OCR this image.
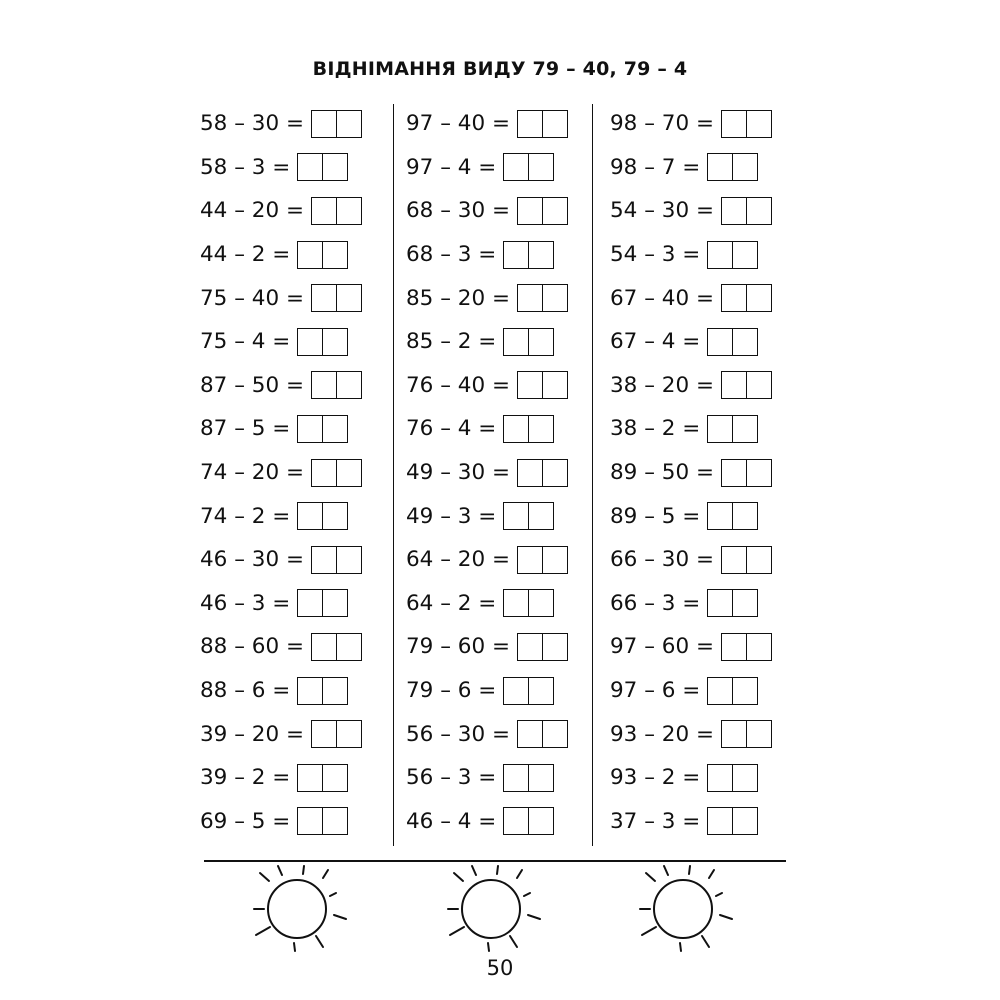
ВІДНІМАННЯ ВИДУ 79 – 40, 79 – 4
58 – 30 =
58 – 3 =
44 – 20 =
44 – 2 =
75 – 40 =
75 – 4 =
87 – 50 =
87 – 5 =
74 – 20 =
74 – 2 =
46 – 30 =
46 – 3 =
88 – 60 =
88 – 6 =
39 – 20 =
39 – 2 =
69 – 5 =
97 – 40 =
97 – 4 =
68 – 30 =
68 – 3 =
85 – 20 =
85 – 2 =
76 – 40 =
76 – 4 =
49 – 30 =
49 – 3 =
64 – 20 =
64 – 2 =
79 – 60 =
79 – 6 =
56 – 30 =
56 – 3 =
46 – 4 =
98 – 70 =
98 – 7 =
54 – 30 =
54 – 3 =
67 – 40 =
67 – 4 =
38 – 20 =
38 – 2 =
89 – 50 =
89 – 5 =
66 – 30 =
66 – 3 =
97 – 60 =
97 – 6 =
93 – 20 =
93 – 2 =
37 – 3 =
50
